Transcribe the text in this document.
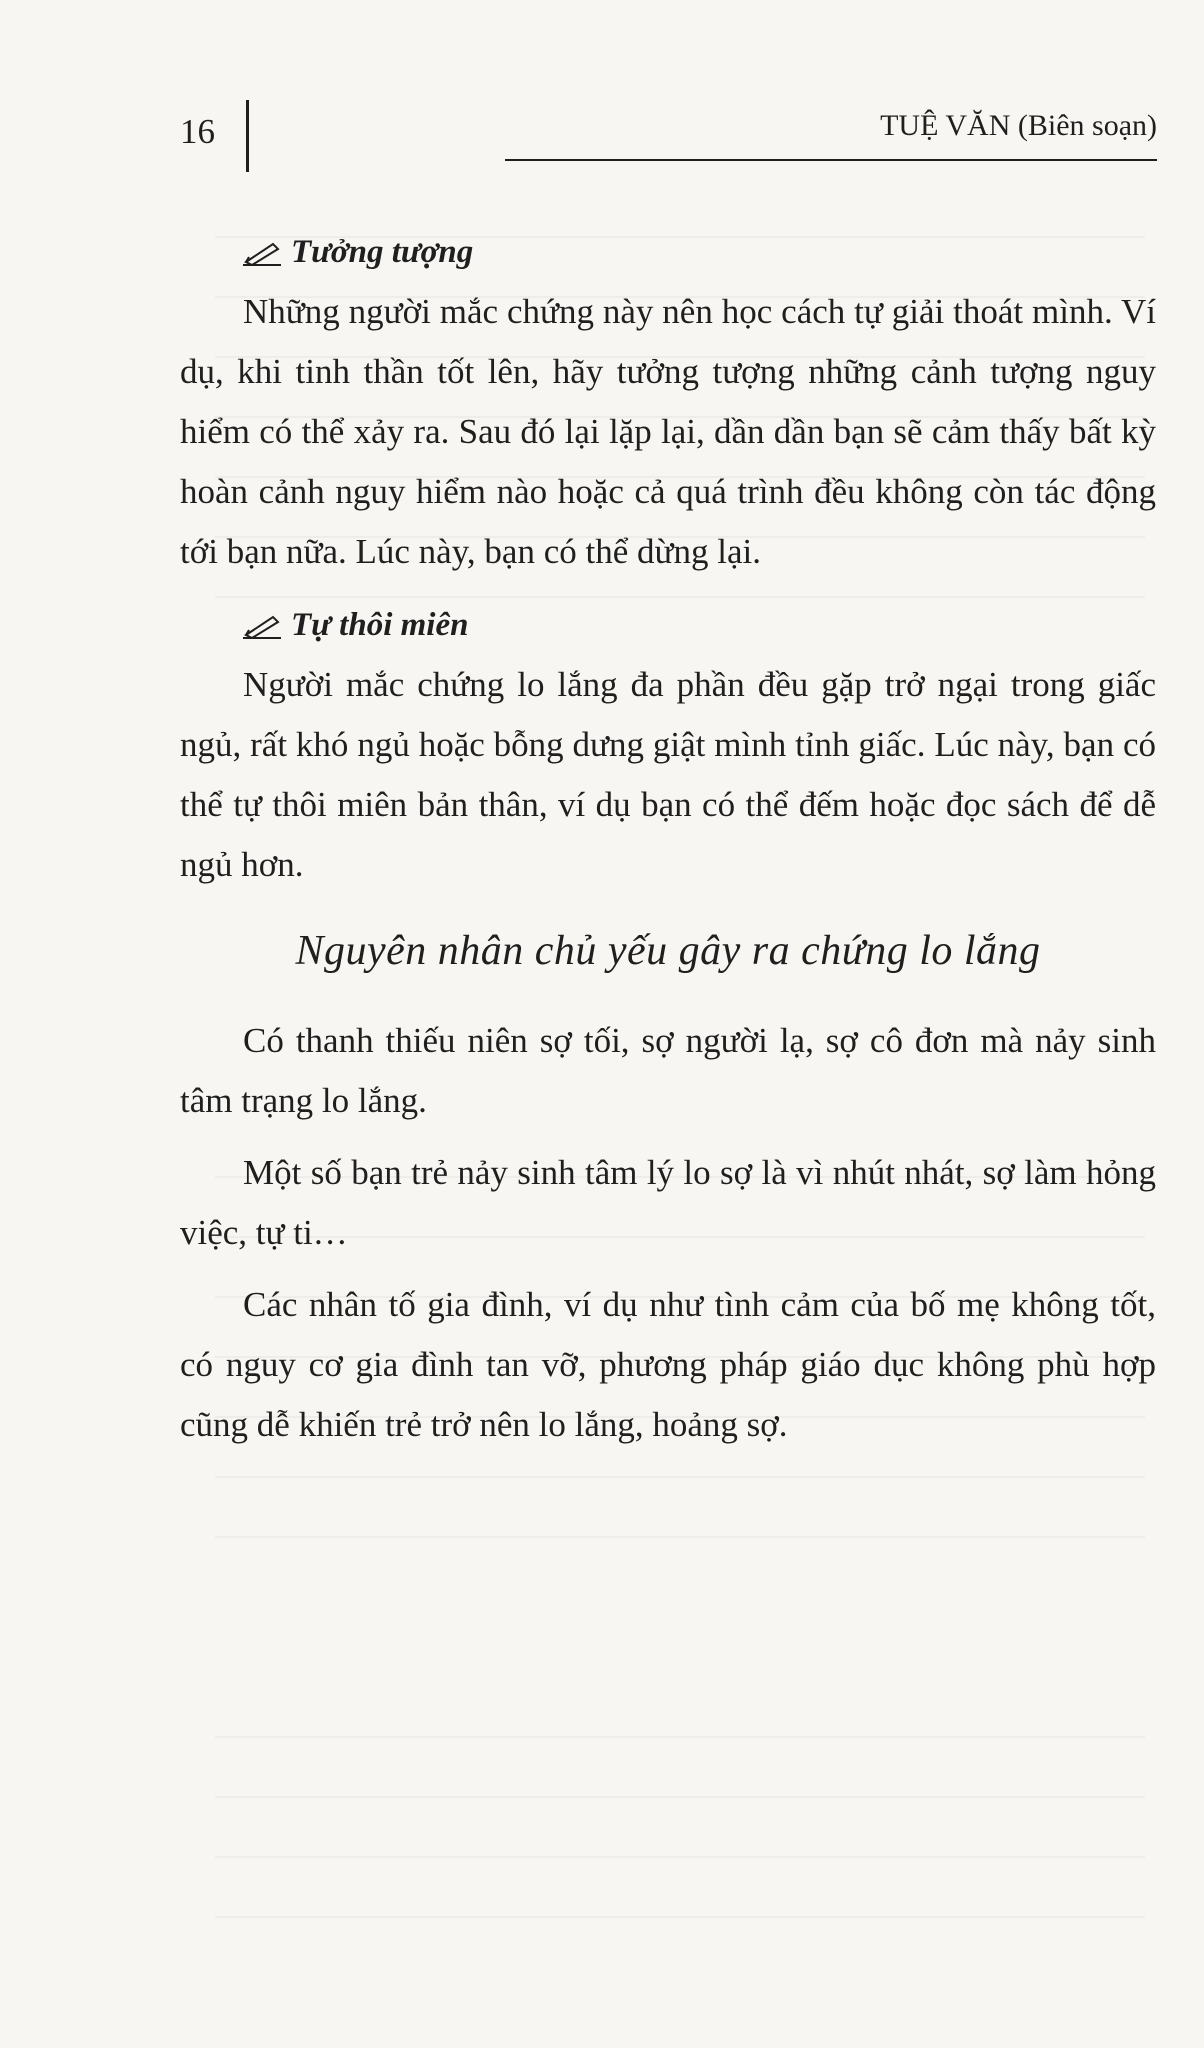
16	TUỆ VĂN (Biên soạn)
Tưởng tượng

Những người mắc chứng này nên học cách tự giải thoát mình. Ví dụ, khi tinh thần tốt lên, hãy tưởng tượng những cảnh tượng nguy hiểm có thể xảy ra. Sau đó lại lặp lại, dần dần bạn sẽ cảm thấy bất kỳ hoàn cảnh nguy hiểm nào hoặc cả quá trình đều không còn tác động tới bạn nữa. Lúc này, bạn có thể dừng lại.

Tự thôi miên

Người mắc chứng lo lắng đa phần đều gặp trở ngại trong giấc ngủ, rất khó ngủ hoặc bỗng dưng giật mình tỉnh giấc. Lúc này, bạn có thể tự thôi miên bản thân, ví dụ bạn có thể đếm hoặc đọc sách để dễ ngủ hơn.

Nguyên nhân chủ yếu gây ra chứng lo lắng

Có thanh thiếu niên sợ tối, sợ người lạ, sợ cô đơn mà nảy sinh tâm trạng lo lắng.

Một số bạn trẻ nảy sinh tâm lý lo sợ là vì nhút nhát, sợ làm hỏng việc, tự ti…

Các nhân tố gia đình, ví dụ như tình cảm của bố mẹ không tốt, có nguy cơ gia đình tan vỡ, phương pháp giáo dục không phù hợp cũng dễ khiến trẻ trở nên lo lắng, hoảng sợ.
